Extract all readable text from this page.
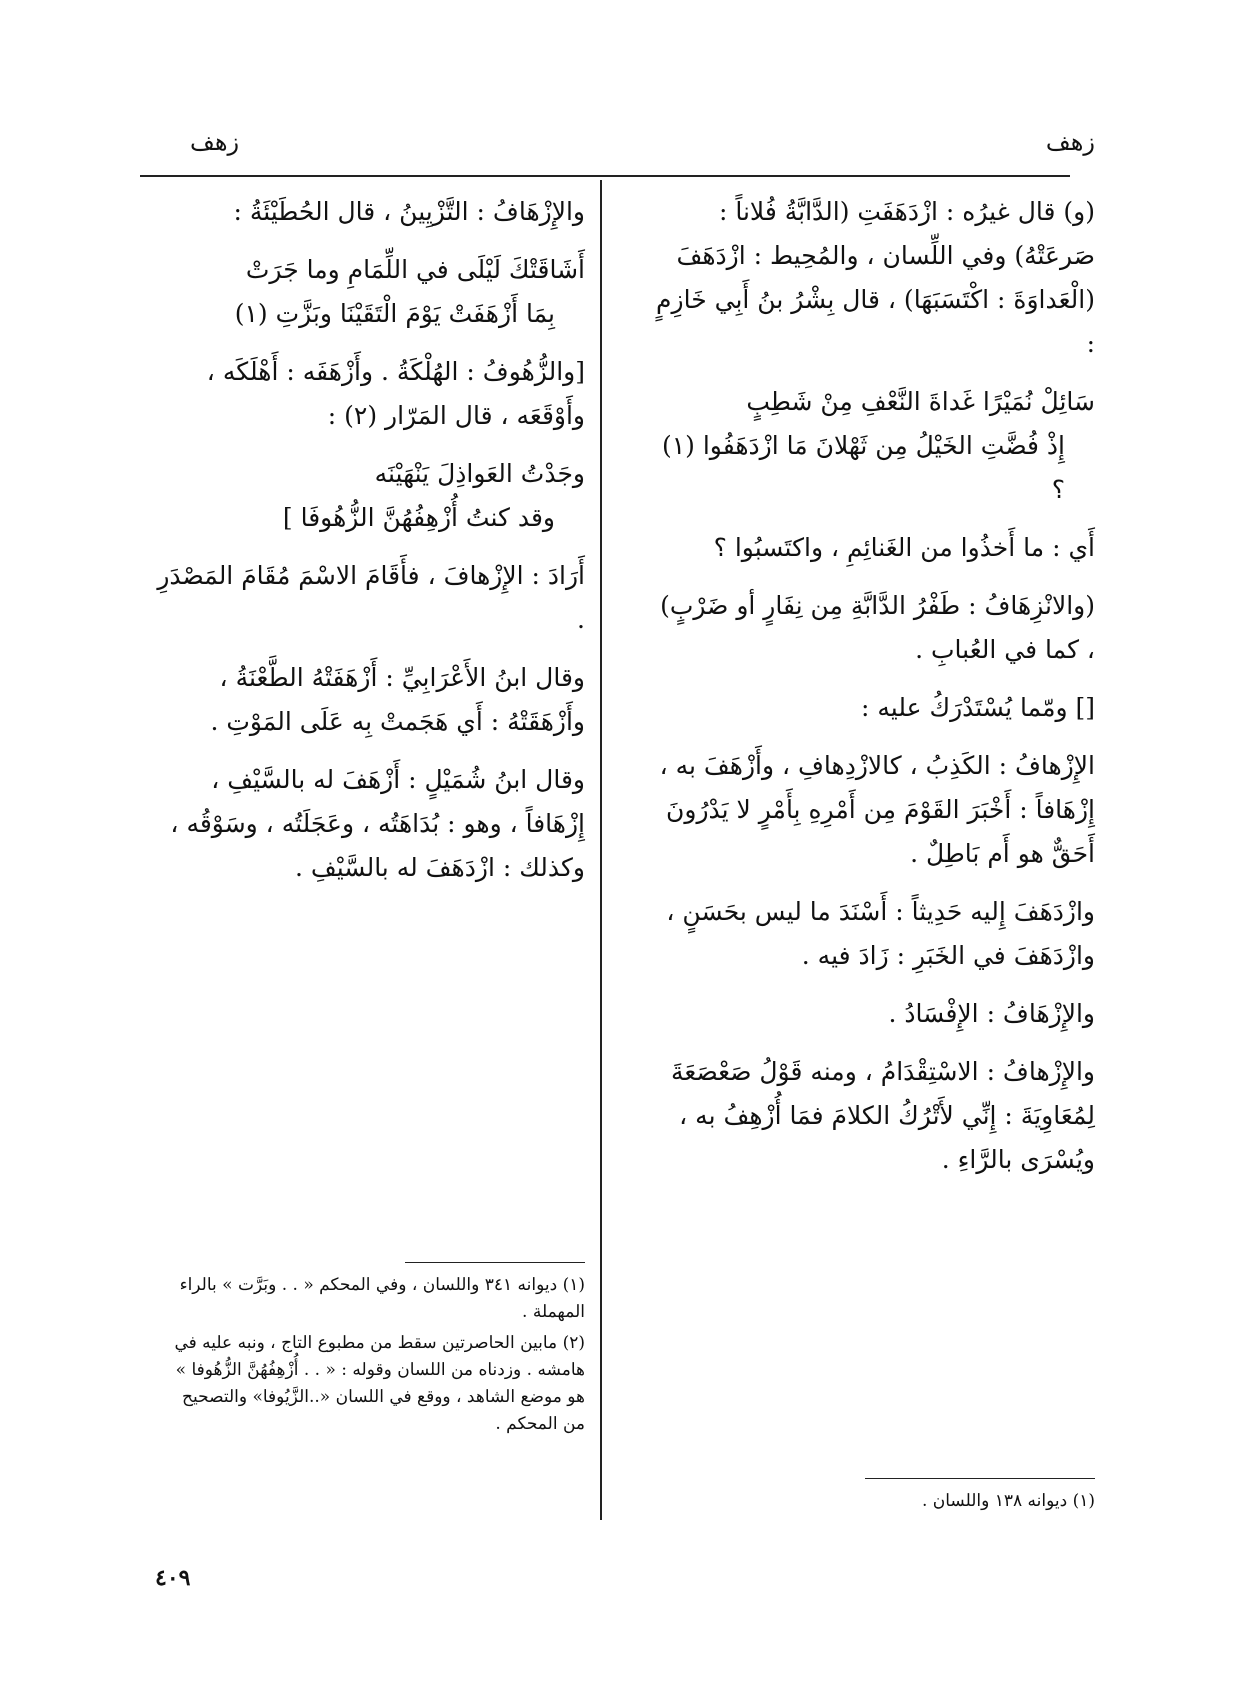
زهف
زهف

(و) قال غيرُه : ازْدَهَفَتِ (الدَّابَّةُ فُلاناً : صَرعَتْهُ) وفي اللِّسان ، والمُحِيط : ازْدَهَفَ (الْعَداوَةَ : اكْتَسَبَهَا) ، قال بِشْرُ بنُ أَبِي خَازِمٍ :

سَائِلْ نُمَيْرًا غَداةَ النَّعْفِ مِنْ شَطِبٍ
إِذْ فُضَّتِ الخَيْلُ مِن ثَهْلانَ مَا ازْدَهَفُوا (١) ؟

أَي : ما أَخذُوا من الغَنائِمِ ، واكتَسبُوا ؟

(والانْزِهَافُ : طَفْرُ الدَّابَّةِ مِن نِفَارٍ أو ضَرْبٍ) ، كما في العُبابِ .

[] ومّما يُسْتَدْرَكُ عليه :

الإِزْهافُ : الكَذِبُ ، كالازْدِهافِ ، وأَزْهَفَ به ، إِزْهَافاً : أَخْبَرَ القَوْمَ مِن أَمْرِهِ بِأَمْرٍ لا يَدْرُونَ أَحَقٌّ هو أَم بَاطِلٌ .

وازْدَهَفَ إِليه حَدِيثاً : أَسْنَدَ ما ليس بحَسَنٍ ، وازْدَهَفَ في الخَبَرِ : زَادَ فيه .

والإِزْهَافُ : الإِفْسَادُ .

والإِزْهافُ : الاسْتِقْدَامُ ، ومنه قَوْلُ صَعْصَعَةَ لِمُعَاوِيَةَ : إِنِّي لأَتْرُكُ الكلامَ فمَا أُزْهِفُ به ، ويُسْرَى بالرَّاءِ .

(١) ديوانه ١٣٨ واللسان .

والإِزْهَافُ : التَّزْيِينُ ، قال الحُطَيْئَةُ :

أَشَاقَتْكَ لَيْلَى في اللِّمَامِ وما جَرَتْ
بِمَا أَزْهَفَتْ يَوْمَ الْتَقَيْنَا وبَزَّتِ (١)

[والزُّهُوفُ : الهُلْكَةُ . وأَزْهَفَه : أَهْلَكَه ، وأَوْقَعَه ، قال المَرّار (٢) :

وجَدْتُ العَواذِلَ يَنْهَيْنَه
وقد كنتُ أُزْهِفُهُنَّ الزُّهُوفَا ]

أَرَادَ : الإِزْهافَ ، فأَقَامَ الاسْمَ مُقَامَ المَصْدَرِ .

وقال ابنُ الأَعْرَابِيِّ : أَزْهَفَتْهُ الطَّعْنَةُ ، وأَزْهَقَتْهُ : أَي هَجَمتْ بِه عَلَى المَوْتِ .

وقال ابنُ شُمَيْلٍ : أَزْهَفَ له بالسَّيْفِ ، إِزْهَافاً ، وهو : بُدَاهَتُه ، وعَجَلَتُه ، وسَوْقُه ، وكذلك : ازْدَهَفَ له بالسَّيْفِ .

(١) ديوانه ٣٤١ واللسان ، وفي المحكم « . . وبَرَّت » بالراء المهملة .

(٢) مابين الحاصرتين سقط من مطبوع التاج ، ونبه عليه في هامشه . وزدناه من اللسان وقوله : « . . أُزْهِفُهُنَّ الزُّهُوفا » هو موضع الشاهد ، ووقع في اللسان «..الزَّيُوفا» والتصحيح من المحكم .

٤٠٩
